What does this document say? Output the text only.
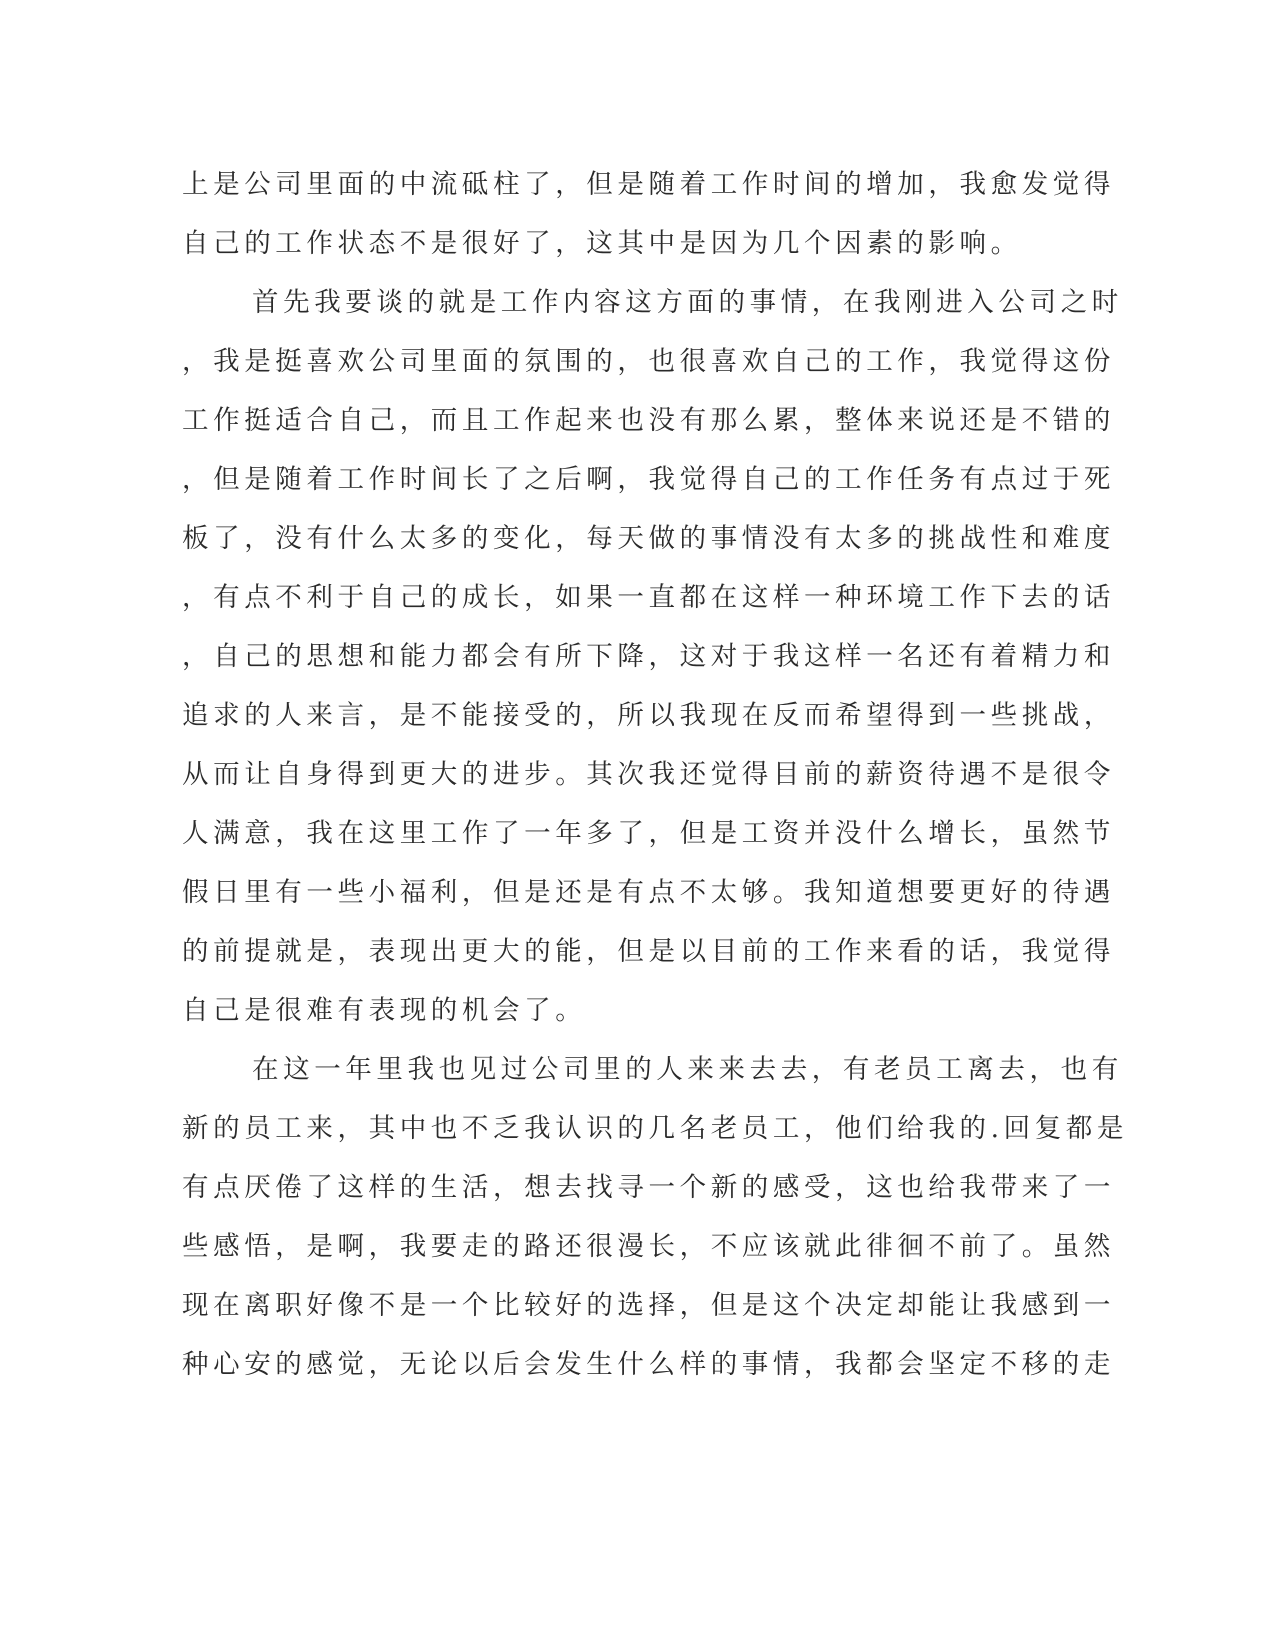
上是公司里面的中流砥柱了，但是随着工作时间的增加，我愈发觉得
自己的工作状态不是很好了，这其中是因为几个因素的影响。
首先我要谈的就是工作内容这方面的事情，在我刚进入公司之时
，我是挺喜欢公司里面的氛围的，也很喜欢自己的工作，我觉得这份
工作挺适合自己，而且工作起来也没有那么累，整体来说还是不错的
，但是随着工作时间长了之后啊，我觉得自己的工作任务有点过于死
板了，没有什么太多的变化，每天做的事情没有太多的挑战性和难度
，有点不利于自己的成长，如果一直都在这样一种环境工作下去的话
，自己的思想和能力都会有所下降，这对于我这样一名还有着精力和
追求的人来言，是不能接受的，所以我现在反而希望得到一些挑战，
从而让自身得到更大的进步。其次我还觉得目前的薪资待遇不是很令
人满意，我在这里工作了一年多了，但是工资并没什么增长，虽然节
假日里有一些小福利，但是还是有点不太够。我知道想要更好的待遇
的前提就是，表现出更大的能，但是以目前的工作来看的话，我觉得
自己是很难有表现的机会了。
在这一年里我也见过公司里的人来来去去，有老员工离去，也有
新的员工来，其中也不乏我认识的几名老员工，他们给我的.回复都是
有点厌倦了这样的生活，想去找寻一个新的感受，这也给我带来了一
些感悟，是啊，我要走的路还很漫长，不应该就此徘徊不前了。虽然
现在离职好像不是一个比较好的选择，但是这个决定却能让我感到一
种心安的感觉，无论以后会发生什么样的事情，我都会坚定不移的走
